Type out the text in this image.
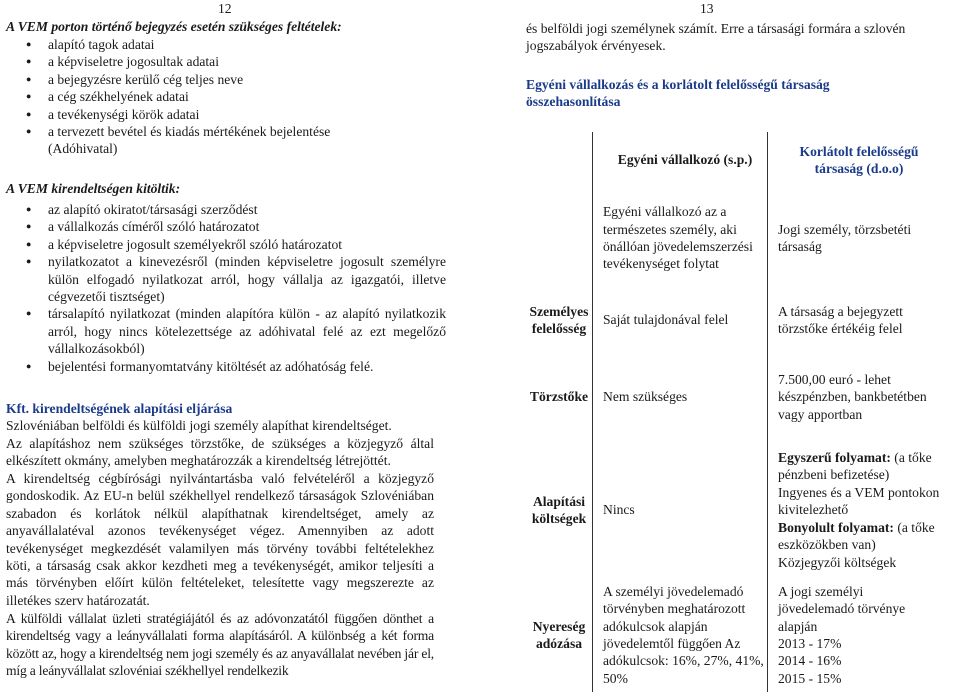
12
A VEM porton történő bejegyzés esetén szükséges feltételek:
● alapító tagok adatai
● a képviseletre jogosultak adatai
● a bejegyzésre kerülő cég teljes neve
● a cég székhelyének adatai
● a tevékenységi körök adatai
● a tervezett bevétel és kiadás mértékének bejelentése (Adóhivatal)
A VEM kirendeltségen kitöltik:
● az alapító okiratot/társasági szerződést
● a vállalkozás címéről szóló határozatot
● a képviseletre jogosult személyekről szóló határozatot
● nyilatkozatot a kinevezésről (minden képviseletre jogosult személyre külön elfogadó nyilatkozat arról, hogy vállalja az igazgatói, illetve cégvezetői tisztséget)
● társalapító nyilatkozat (minden alapítóra külön - az alapító nyilatkozik arról, hogy nincs kötelezettsége az adóhivatal felé az ezt megelőző vállalkozásokból)
● bejelentési formanyomtatvány kitöltését az adóhatóság felé.
Kft. kirendeltségének alapítási eljárása
Szlovéniában belföldi és külföldi jogi személy alapíthat kirendeltséget.
Az alapításhoz nem szükséges törzstőke, de szükséges a közjegyző által elkészített okmány, amelyben meghatározzák a kirendeltség létrejöttét.
A kirendeltség cégbírósági nyilvántartásba való felvételéről a közjegyző gondoskodik. Az EU-n belül székhellyel rendelkező társaságok Szlovéniában szabadon és korlátok nélkül alapíthatnak kirendeltséget, amely az anyavállalatéval azonos tevékenységet végez. Amennyiben az adott tevékenységet megkezdését valamilyen más törvény további feltételekhez köti, a társaság csak akkor kezdheti meg a tevékenységét, amikor teljesíti a más törvényben előírt külön feltételeket, telesítette vagy megszerezte az illetékes szerv határozatát.
A külföldi vállalat üzleti stratégiájától és az adóvonzatától függően dönthet a kirendeltség vagy a leányvállalati forma alapításáról. A különbség a két forma között az, hogy a kirendeltség nem jogi személy és az anyavállalat nevében jár el, míg a leányvállalat szlovéniai székhellyel rendelkezik
13
és belföldi jogi személynek számít. Erre a társasági formára a szlovén jogszabályok érvényesek.
Egyéni vállalkozás és a korlátolt felelősségű társaság összehasonlítása
	Egyéni vállalkozó (s.p.)	Korlátolt felelősségű társaság (d.o.o)
	Egyéni vállalkozó az a természetes személy, aki önállóan jövedelemszerzési tevékenységet folytat	Jogi személy, törzsbetéti társaság
Személyes felelősség	Saját tulajdonával felel	A társaság a bejegyzett törzstőke értékéig felel
Törzstőke	Nem szükséges	7.500,00 euró - lehet készpénzben, bankbetétben vagy apportban
Alapítási költségek	Nincs	Egyszerű folyamat: (a tőke pénzbeni befizetése) Ingyenes és a VEM pontokon kivitelezhető
Bonyolult folyamat: (a tőke eszközökben van) Közjegyzői költségek
Nyereség adózása	A személyi jövedelemadó törvényben meghatározott adókulcsok alapján jövedelemtől függően Az adókulcsok: 16%, 27%, 41%, 50%	A jogi személyi jövedelemadó törvénye alapján
2013 - 17%
2014 - 16%
2015 - 15%
